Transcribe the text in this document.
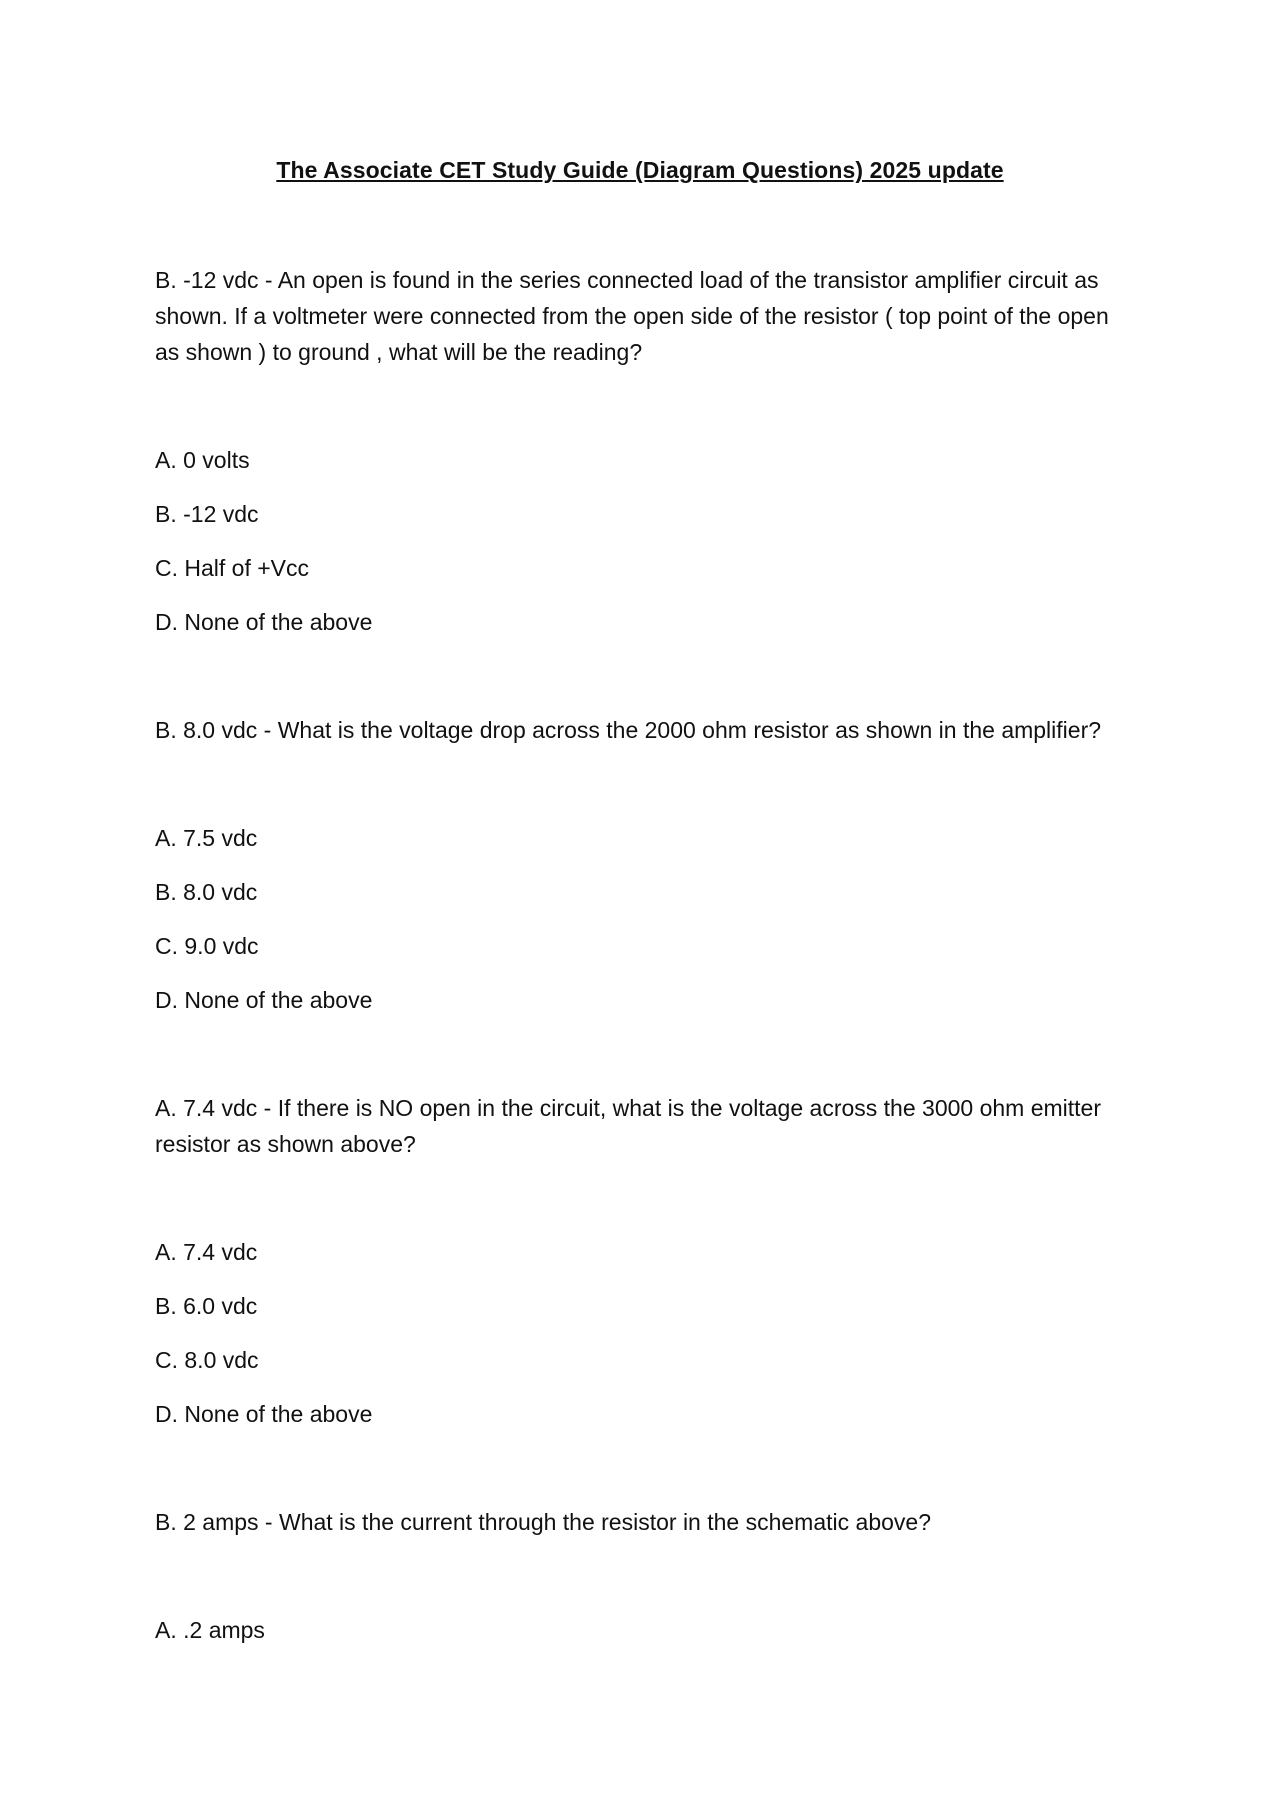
The Associate CET Study Guide (Diagram Questions) 2025 update

B. -12 vdc - An open is found in the series connected load of the transistor amplifier circuit as shown. If a voltmeter were connected from the open side of the resistor ( top point of the open as shown ) to ground , what will be the reading?

A. 0 volts
B. -12 vdc
C. Half of +Vcc
D. None of the above

B. 8.0 vdc - What is the voltage drop across the 2000 ohm resistor as shown in the amplifier?

A. 7.5 vdc
B. 8.0 vdc
C. 9.0 vdc
D. None of the above

A. 7.4 vdc - If there is NO open in the circuit, what is the voltage across the 3000 ohm emitter resistor as shown above?

A. 7.4 vdc
B. 6.0 vdc
C. 8.0 vdc
D. None of the above

B. 2 amps - What is the current through the resistor in the schematic above?

A. .2 amps
